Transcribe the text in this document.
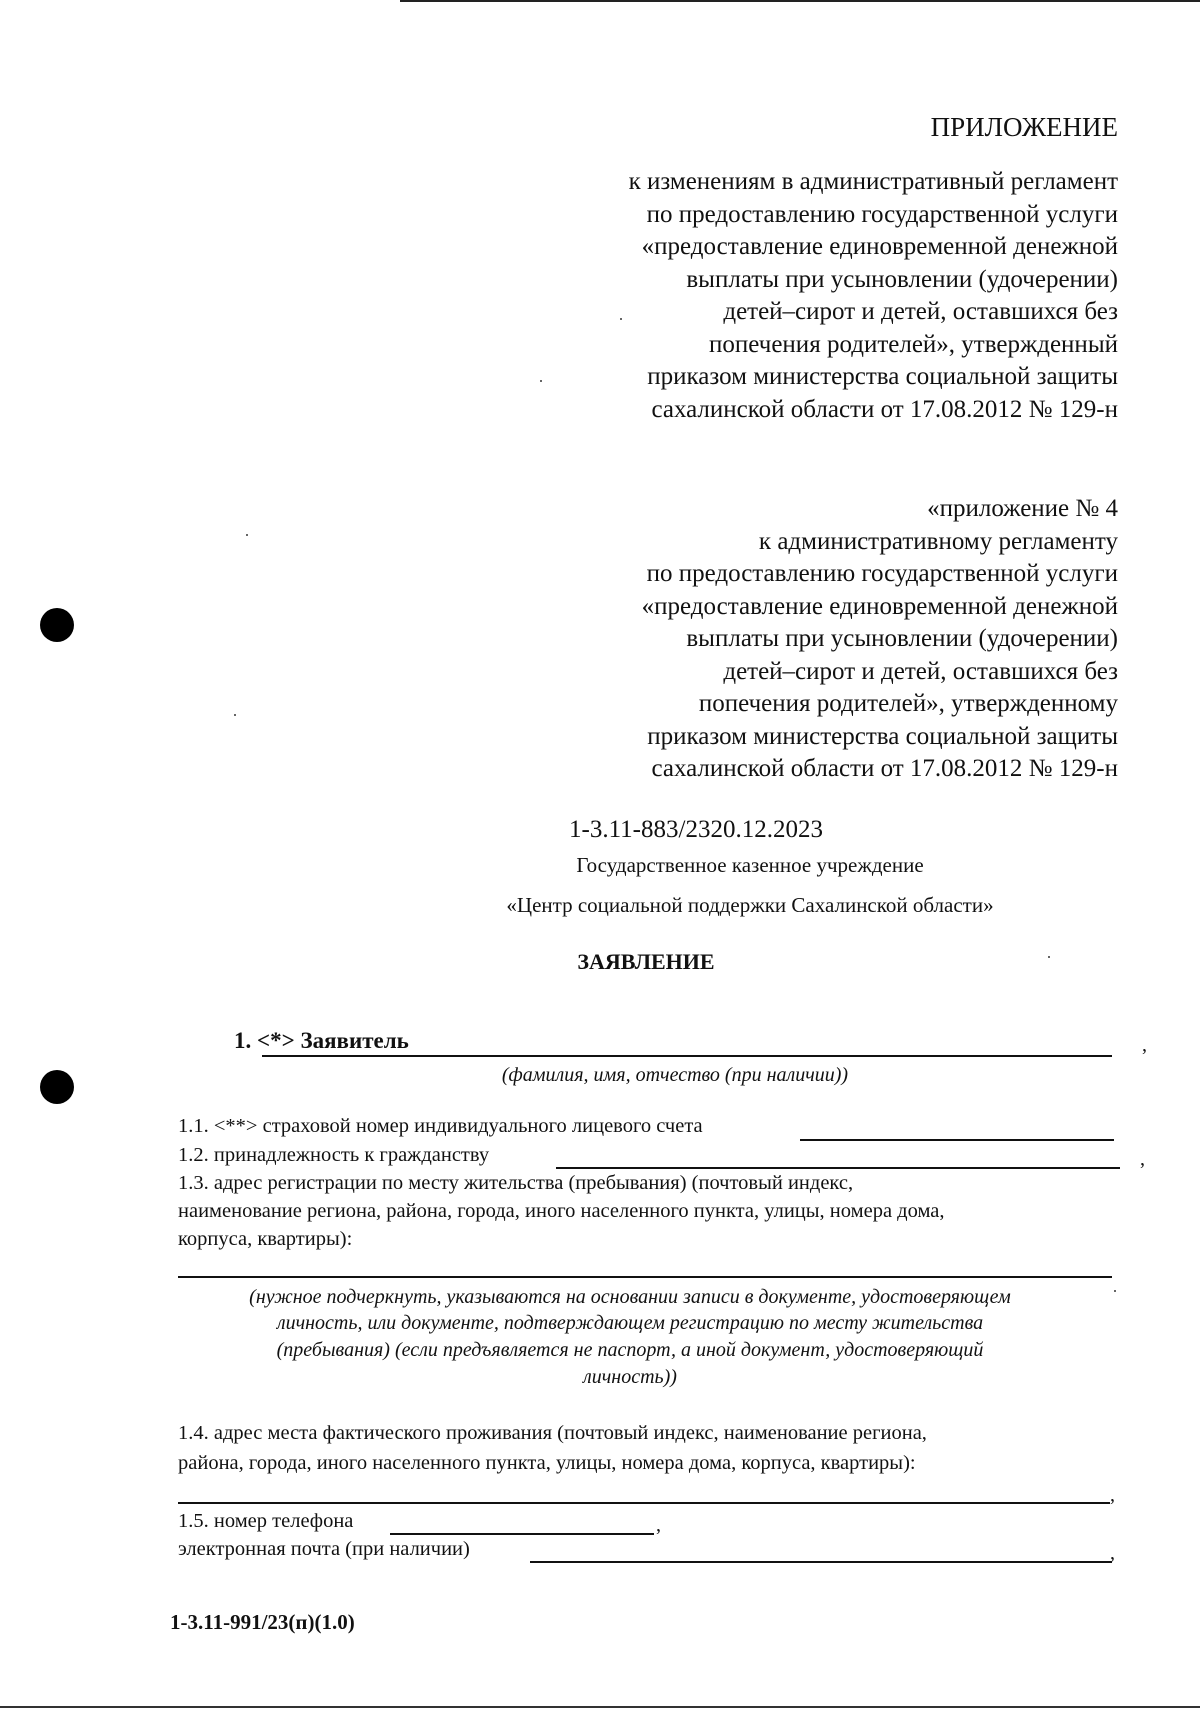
ПРИЛОЖЕНИЕ
к изменениям в административный регламент
по предоставлению государственной услуги
«предоставление единовременной денежной
выплаты при усыновлении (удочерении)
детей–сирот и детей, оставшихся без
попечения родителей», утвержденный
приказом министерства социальной защиты
сахалинской области от 17.08.2012 № 129-н
«приложение № 4
к административному регламенту
по предоставлению государственной услуги
«предоставление единовременной денежной
выплаты при усыновлении (удочерении)
детей–сирот и детей, оставшихся без
попечения родителей», утвержденному
приказом министерства социальной защиты
сахалинской области от 17.08.2012 № 129-н
1-3.11-883/2320.12.2023
Государственное казенное учреждение
«Центр социальной поддержки Сахалинской области»
ЗАЯВЛЕНИЕ
1. <*> Заявитель	,
(фамилия, имя, отчество (при наличии))
1.1. <**> страховой номер индивидуального лицевого счета
1.2. принадлежность к гражданству	,
1.3. адрес регистрации по месту жительства (пребывания) (почтовый индекс,
наименование региона, района, города, иного населенного пункта, улицы, номера дома,
корпуса, квартиры):
(нужное подчеркнуть, указываются на основании записи в документе, удостоверяющем
личность, или документе, подтверждающем регистрацию по месту жительства
(пребывания) (если предъявляется не паспорт, а иной документ, удостоверяющий
личность))
1.4. адрес места фактического проживания (почтовый индекс, наименование региона,
района, города, иного населенного пункта, улицы, номера дома, корпуса, квартиры):
,
1.5. номер телефона	,
электронная почта (при наличии)	,
1-3.11-991/23(п)(1.0)
